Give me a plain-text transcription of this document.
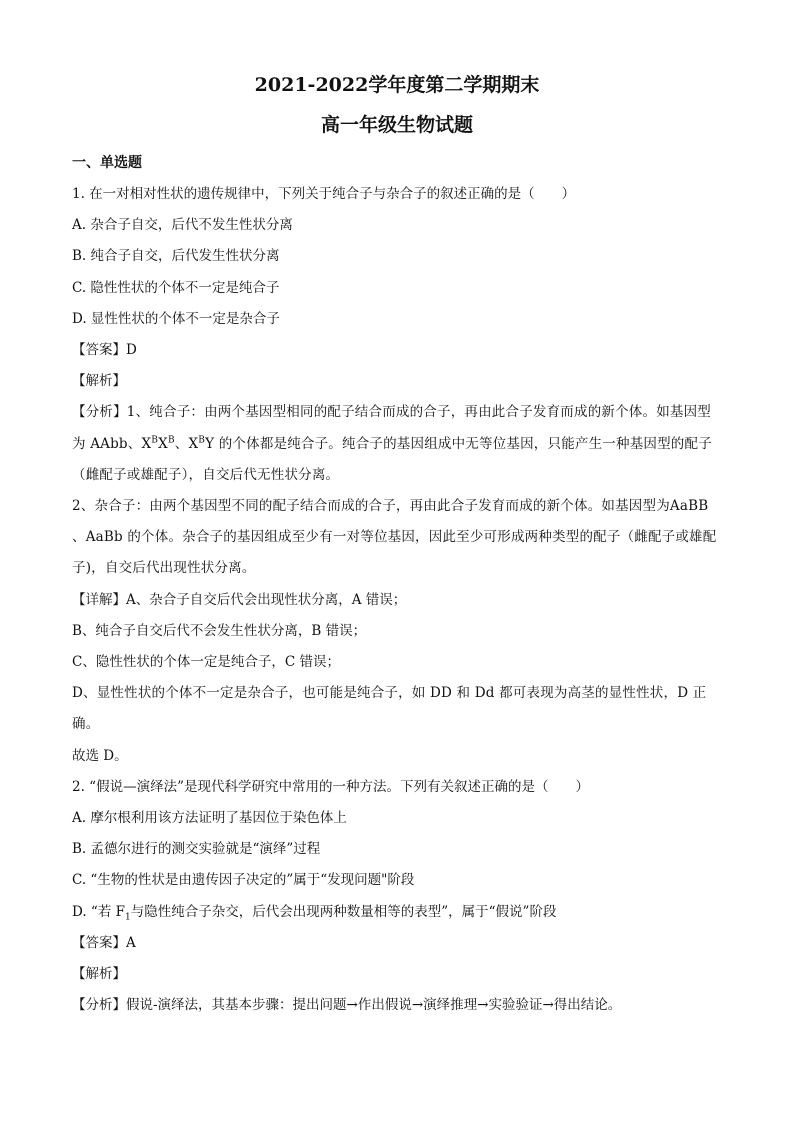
2021-2022学年度第二学期期末
高一年级生物试题
一、单选题
1. 在一对相对性状的遗传规律中，下列关于纯合子与杂合子的叙述正确的是（　　）
A. 杂合子自交，后代不发生性状分离
B. 纯合子自交，后代发生性状分离
C. 隐性性状的个体不一定是纯合子
D. 显性性状的个体不一定是杂合子
【答案】D
【解析】
【分析】1、纯合子：由两个基因型相同的配子结合而成的合子，再由此合子发育而成的新个体。如基因型为 AAbb、$X^BX^B$、$X^BY$ 的个体都是纯合子。纯合子的基因组成中无等位基因，只能产生一种基因型的配子（雌配子或雄配子），自交后代无性状分离。
2、杂合子：由两个基因型不同的配子结合而成的合子，再由此合子发育而成的新个体。如基因型为AaBB 、AaBb 的个体。杂合子的基因组成至少有一对等位基因，因此至少可形成两种类型的配子（雌配子或雄配子)，自交后代出现性状分离。
【详解】A、杂合子自交后代会出现性状分离，A 错误；
B、纯合子自交后代不会发生性状分离，B 错误；
C、隐性性状的个体一定是纯合子，C 错误；
D、显性性状的个体不一定是杂合子，也可能是纯合子，如 DD 和 Dd 都可表现为高茎的显性性状，D 正确。
故选 D。
2. “假说—演绎法”是现代科学研究中常用的一种方法。下列有关叙述正确的是（　　）
A. 摩尔根利用该方法证明了基因位于染色体上
B. 孟德尔进行的测交实验就是“演绎”过程
C. “生物的性状是由遗传因子决定的”属于“发现问题"阶段
D. “若 $F_1$与隐性纯合子杂交，后代会出现两种数量相等的表型”，属于“假说”阶段
【答案】A
【解析】
【分析】假说-演绎法，其基本步骤：提出问题→作出假说→演绎推理→实验验证→得出结论。
